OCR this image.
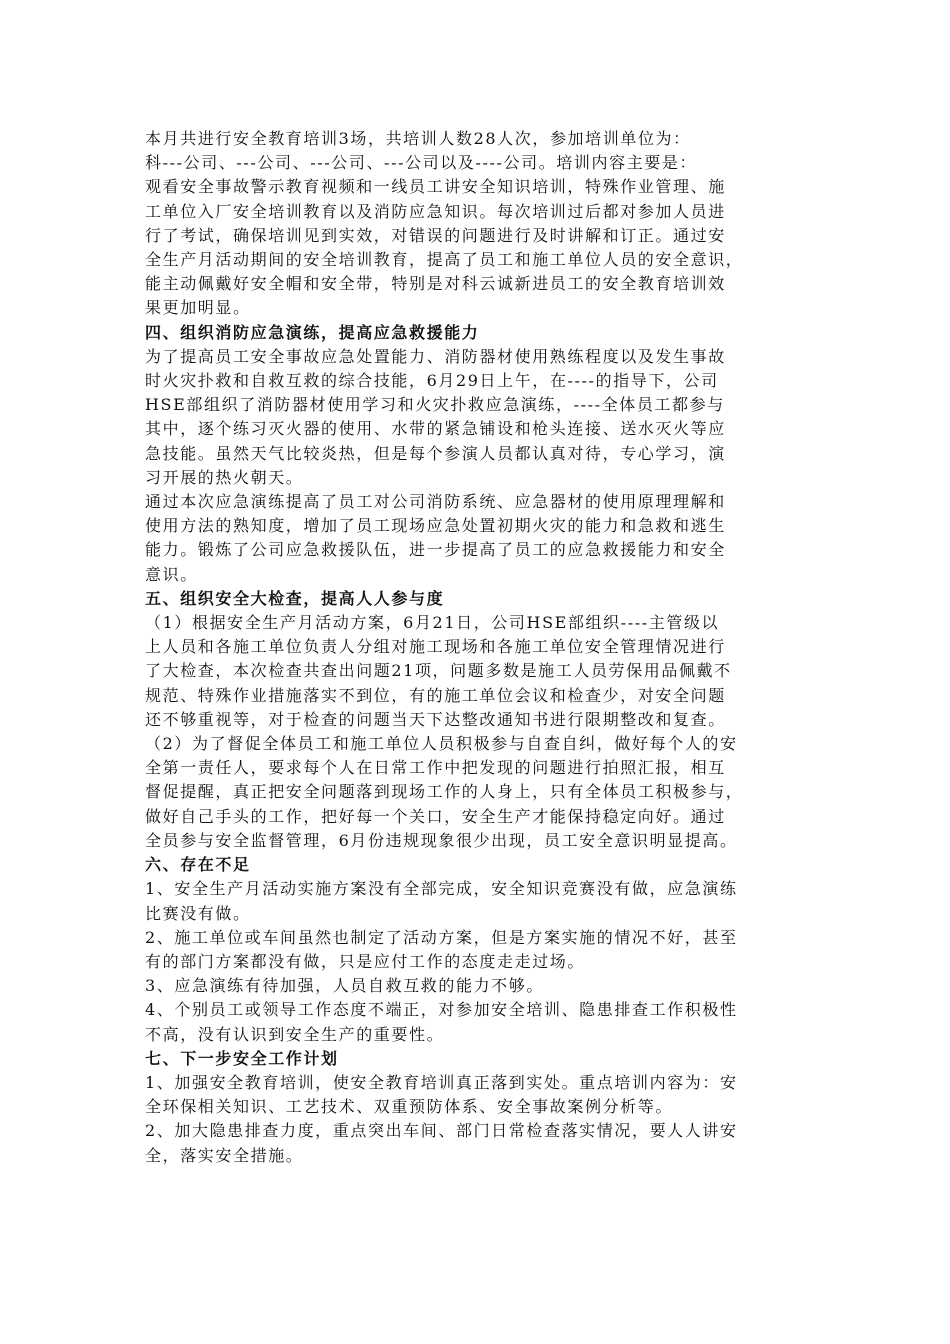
本月共进行安全教育培训3场，共培训人数28人次，参加培训单位为：
科---公司、---公司、---公司、---公司以及----公司。培训内容主要是：
观看安全事故警示教育视频和一线员工讲安全知识培训，特殊作业管理、施
工单位入厂安全培训教育以及消防应急知识。每次培训过后都对参加人员进
行了考试，确保培训见到实效，对错误的问题进行及时讲解和订正。通过安
全生产月活动期间的安全培训教育，提高了员工和施工单位人员的安全意识，
能主动佩戴好安全帽和安全带，特别是对科云诚新进员工的安全教育培训效
果更加明显。

四、组织消防应急演练，提高应急救援能力

为了提高员工安全事故应急处置能力、消防器材使用熟练程度以及发生事故
时火灾扑救和自救互救的综合技能，6月29日上午，在----的指导下，公司
HSE部组织了消防器材使用学习和火灾扑救应急演练，----全体员工都参与
其中，逐个练习灭火器的使用、水带的紧急铺设和枪头连接、送水灭火等应
急技能。虽然天气比较炎热，但是每个参演人员都认真对待，专心学习，演
习开展的热火朝天。

通过本次应急演练提高了员工对公司消防系统、应急器材的使用原理理解和
使用方法的熟知度，增加了员工现场应急处置初期火灾的能力和急救和逃生
能力。锻炼了公司应急救援队伍，进一步提高了员工的应急救援能力和安全
意识。

五、组织安全大检查，提高人人参与度

（1）根据安全生产月活动方案，6月21日，公司HSE部组织----主管级以
上人员和各施工单位负责人分组对施工现场和各施工单位安全管理情况进行
了大检查，本次检查共查出问题21项，问题多数是施工人员劳保用品佩戴不
规范、特殊作业措施落实不到位，有的施工单位会议和检查少，对安全问题
还不够重视等，对于检查的问题当天下达整改通知书进行限期整改和复查。

（2）为了督促全体员工和施工单位人员积极参与自查自纠，做好每个人的安
全第一责任人，要求每个人在日常工作中把发现的问题进行拍照汇报，相互
督促提醒，真正把安全问题落到现场工作的人身上，只有全体员工积极参与，
做好自己手头的工作，把好每一个关口，安全生产才能保持稳定向好。通过
全员参与安全监督管理，6月份违规现象很少出现，员工安全意识明显提高。

六、存在不足

1、安全生产月活动实施方案没有全部完成，安全知识竞赛没有做，应急演练
比赛没有做。

2、施工单位或车间虽然也制定了活动方案，但是方案实施的情况不好，甚至
有的部门方案都没有做，只是应付工作的态度走走过场。

3、应急演练有待加强，人员自救互救的能力不够。

4、个别员工或领导工作态度不端正，对参加安全培训、隐患排查工作积极性
不高，没有认识到安全生产的重要性。

七、下一步安全工作计划

1、加强安全教育培训，使安全教育培训真正落到实处。重点培训内容为：安
全环保相关知识、工艺技术、双重预防体系、安全事故案例分析等。

2、加大隐患排查力度，重点突出车间、部门日常检查落实情况，要人人讲安
全，落实安全措施。
